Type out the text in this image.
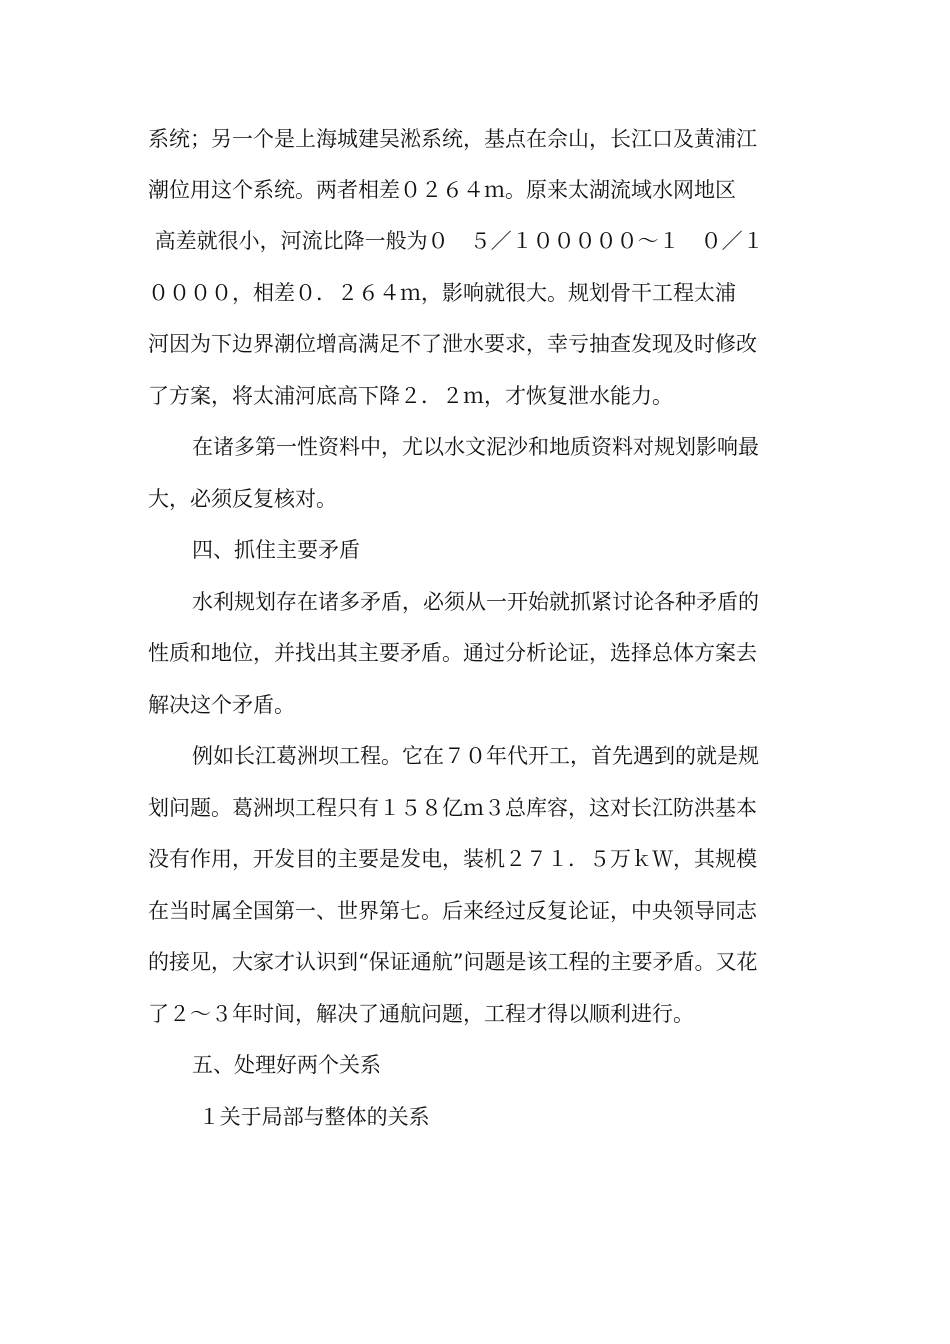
系统；另一个是上海城建吴淞系统，基点在佘山，长江口及黄浦江
潮位用这个系统。两者相差０２６４ｍ。原来太湖流域水网地区
高差就很小，河流比降一般为０　５／１０００００～１　０／１
００００，相差０．２６４ｍ，影响就很大。规划骨干工程太浦
河因为下边界潮位增高满足不了泄水要求，幸亏抽查发现及时修改
了方案，将太浦河底高下降２．２ｍ，才恢复泄水能力。
在诸多第一性资料中，尤以水文泥沙和地质资料对规划影响最
大，必须反复核对。
四、抓住主要矛盾
水利规划存在诸多矛盾，必须从一开始就抓紧讨论各种矛盾的
性质和地位，并找出其主要矛盾。通过分析论证，选择总体方案去
解决这个矛盾。
例如长江葛洲坝工程。它在７０年代开工，首先遇到的就是规
划问题。葛洲坝工程只有１５８亿ｍ３总库容，这对长江防洪基本
没有作用，开发目的主要是发电，装机２７１．５万ｋＷ，其规模
在当时属全国第一、世界第七。后来经过反复论证，中央领导同志
的接见，大家才认识到“保证通航”问题是该工程的主要矛盾。又花
了２～３年时间，解决了通航问题，工程才得以顺利进行。
五、处理好两个关系
１关于局部与整体的关系
